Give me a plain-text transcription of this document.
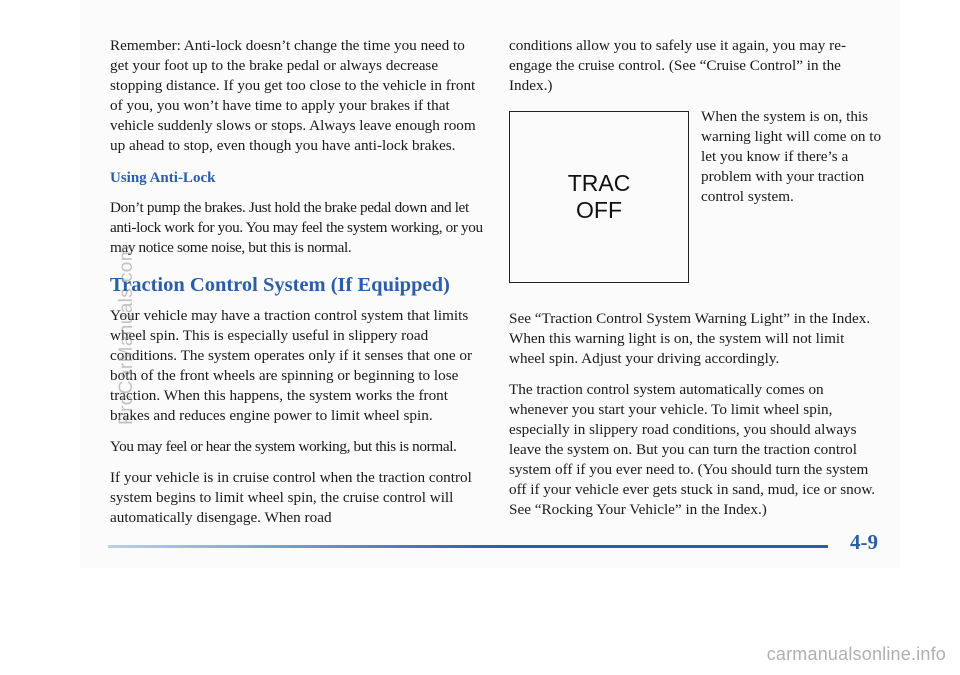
Remember: Anti-lock doesn’t change the time you need to get your foot up to the brake pedal or always decrease stopping distance. If you get too close to the vehicle in front of you, you won’t have time to apply your brakes if that vehicle suddenly slows or stops. Always leave enough room up ahead to stop, even though you have anti-lock brakes.

Using Anti-Lock

Don’t pump the brakes. Just hold the brake pedal down and let anti-lock work for you. You may feel the system working, or you may notice some noise, but this is normal.

Traction Control System (If Equipped)

Your vehicle may have a traction control system that limits wheel spin. This is especially useful in slippery road conditions. The system operates only if it senses that one or both of the front wheels are spinning or beginning to lose traction. When this happens, the system works the front brakes and reduces engine power to limit wheel spin.

You may feel or hear the system working, but this is normal.

If your vehicle is in cruise control when the traction control system begins to limit wheel spin, the cruise control will automatically disengage. When road

conditions allow you to safely use it again, you may re-engage the cruise control. (See “Cruise Control” in the Index.)

TRAC
OFF
When the system is on, this warning light will come on to let you know if there’s a problem with your traction control system.

See “Traction Control System Warning Light” in the Index. When this warning light is on, the system will not limit wheel spin. Adjust your driving accordingly.

The traction control system automatically comes on whenever you start your vehicle. To limit wheel spin, especially in slippery road conditions, you should always leave the system on. But you can turn the traction control system off if you ever need to. (You should turn the system off if your vehicle ever gets stuck in sand, mud, ice or snow. See “Rocking Your Vehicle” in the Index.)

4-9
ProCarManuals.com
carmanualsonline.info
